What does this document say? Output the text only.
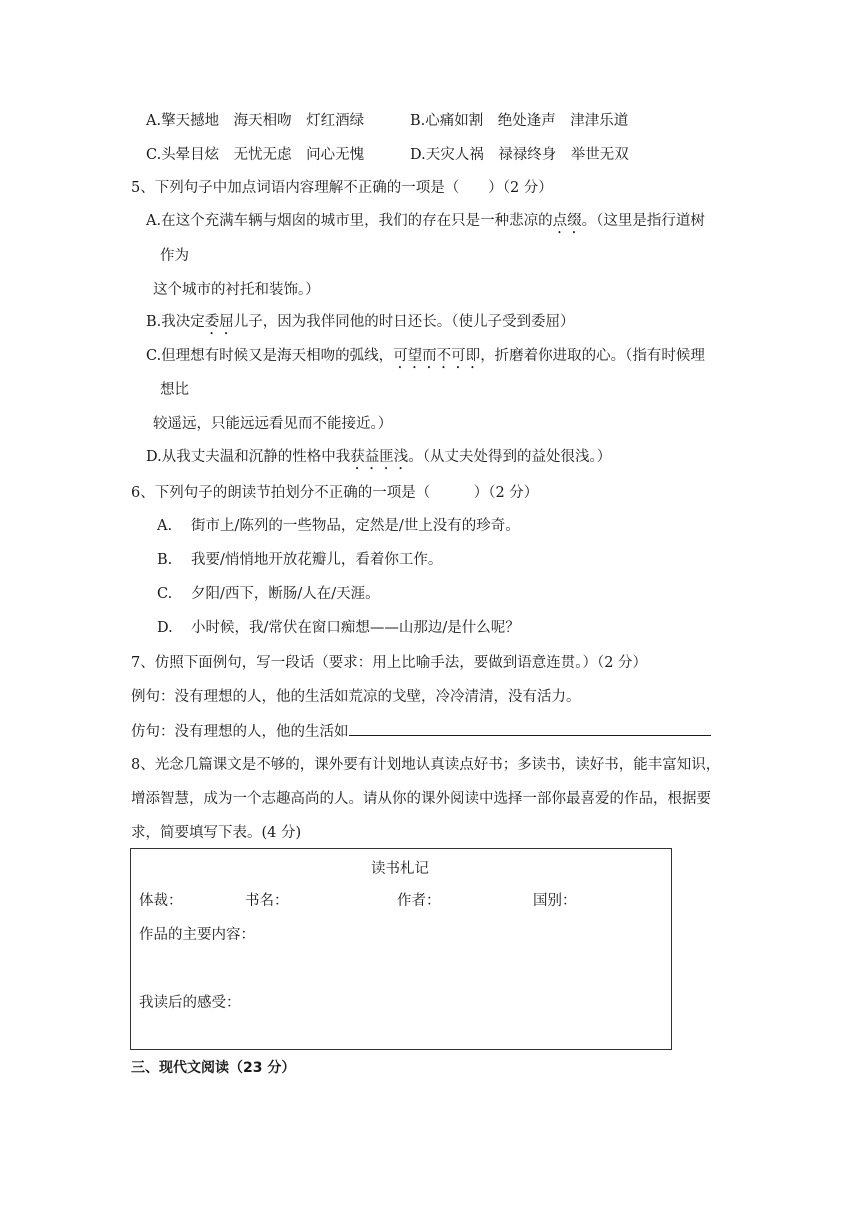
A.擎天撼地　海天相吻　灯红酒绿	B.心痛如割　绝处逢声　津津乐道
C.头晕目炫　无忧无虑　问心无愧	D.天灾人祸　禄禄终身　举世无双
5、下列句子中加点词语内容理解不正确的一项是（　　）（2 分）
A.在这个充满车辆与烟囱的城市里，我们的存在只是一种悲凉的点缀。（这里是指行道树
作为
这个城市的衬托和装饰。）
B.我决定委屈儿子，因为我伴同他的时日还长。（使儿子受到委屈）
C.但理想有时候又是海天相吻的弧线，可望而不可即，折磨着你进取的心。（指有时候理
想比
较遥远，只能远远看见而不能接近。）
D.从我丈夫温和沉静的性格中我获益匪浅。（从丈夫处得到的益处很浅。）
6、下列句子的朗读节拍划分不正确的一项是（　　　）（2 分）
A. 街市上/陈列的一些物品，定然是/世上没有的珍奇。
B. 我要/悄悄地开放花瓣儿，看着你工作。
C. 夕阳/西下，断肠/人在/天涯。
D. 小时候，我/常伏在窗口痴想——山那边/是什么呢？
7、仿照下面例句，写一段话（要求：用上比喻手法，要做到语意连贯。）（2 分）
例句：没有理想的人，他的生活如荒凉的戈壁，冷冷清清，没有活力。
仿句：没有理想的人，他的生活如
8、光念几篇课文是不够的，课外要有计划地认真读点好书；多读书，读好书，能丰富知识，
增添智慧，成为一个志趣高尚的人。请从你的课外阅读中选择一部你最喜爱的作品，根据要
求，简要填写下表。(4 分)
读书札记
体裁：	书名：	作者：	国别：
作品的主要内容：
我读后的感受：
三、现代文阅读（23 分）
